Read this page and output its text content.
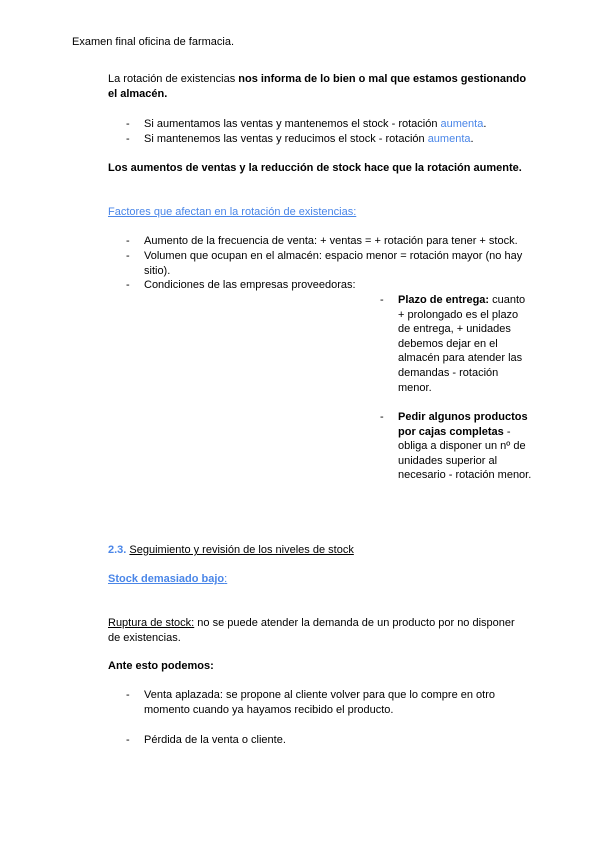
Examen final oficina de farmacia.
La rotación de existencias nos informa de lo bien o mal que estamos gestionando el almacén.
- Si aumentamos las ventas y mantenemos el stock - rotación aumenta.
- Si mantenemos las ventas y reducimos el stock - rotación aumenta.
Los aumentos de ventas y la reducción de stock hace que la rotación aumente.
Factores que afectan en la rotación de existencias:
- Aumento de la frecuencia de venta: + ventas = + rotación para tener + stock.
- Volumen que ocupan en el almacén: espacio menor = rotación mayor (no hay sitio).
- Condiciones de las empresas proveedoras:
- Plazo de entrega: cuanto + prolongado es el plazo de entrega, + unidades debemos dejar en el almacén para atender las demandas - rotación menor.
- Pedir algunos productos por cajas completas - obliga a disponer un nº de unidades superior al necesario - rotación menor.
2.3. Seguimiento y revisión de los niveles de stock
Stock demasiado bajo:
Ruptura de stock: no se puede atender la demanda de un producto por no disponer de existencias.
Ante esto podemos:
- Venta aplazada: se propone al cliente volver para que lo compre en otro momento cuando ya hayamos recibido el producto.
- Pérdida de la venta o cliente.
